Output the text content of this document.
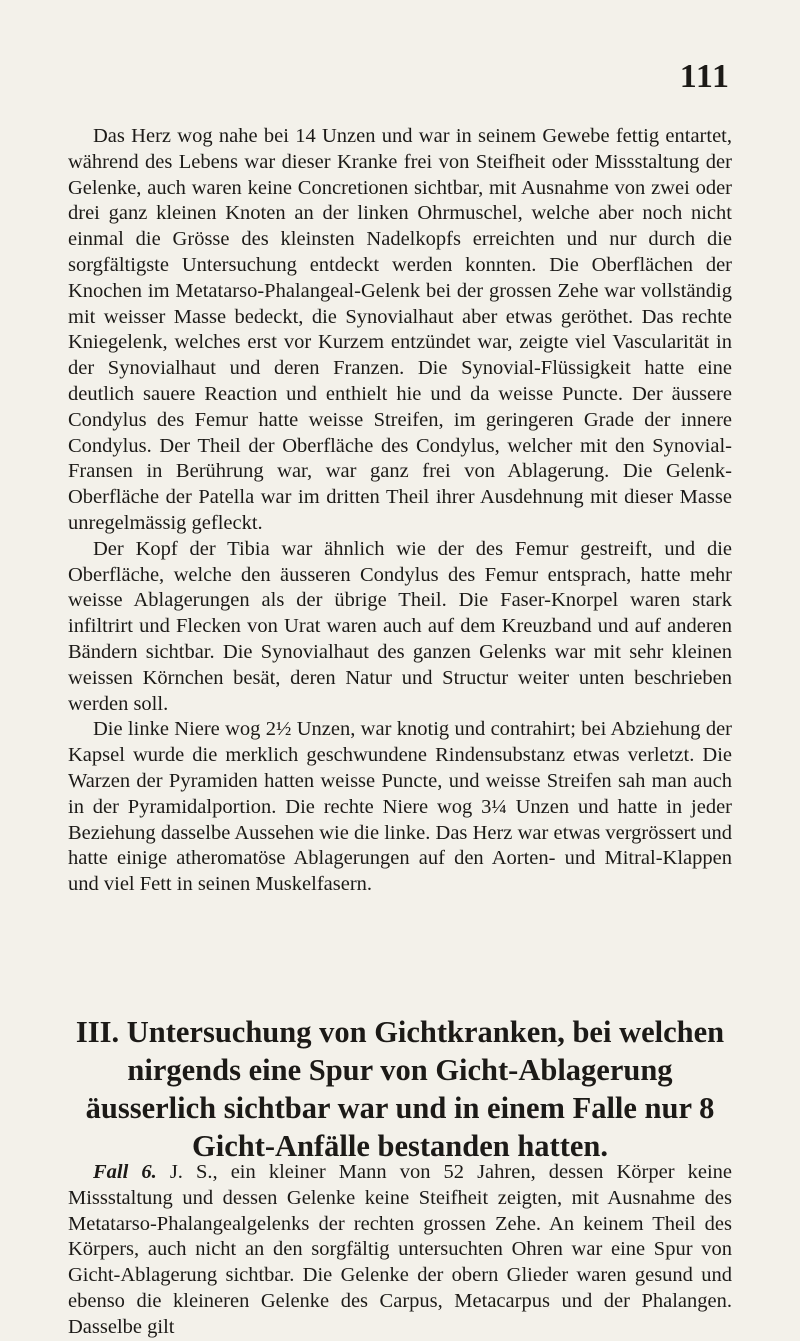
111

Das Herz wog nahe bei 14 Unzen und war in seinem Gewebe fettig entartet, während des Lebens war dieser Kranke frei von Steifheit oder Missstaltung der Gelenke, auch waren keine Concretionen sichtbar, mit Ausnahme von zwei oder drei ganz kleinen Knoten an der linken Ohrmuschel, welche aber noch nicht einmal die Grösse des kleinsten Nadelkopfs erreichten und nur durch die sorgfältigste Untersuchung entdeckt werden konnten. Die Oberflächen der Knochen im Metatarso-Phalangeal-Gelenk bei der grossen Zehe war vollständig mit weisser Masse bedeckt, die Synovialhaut aber etwas geröthet. Das rechte Kniegelenk, welches erst vor Kurzem entzündet war, zeigte viel Vascularität in der Synovialhaut und deren Franzen. Die Synovial-Flüssigkeit hatte eine deutlich sauere Reaction und enthielt hie und da weisse Puncte. Der äussere Condylus des Femur hatte weisse Streifen, im geringeren Grade der innere Condylus. Der Theil der Oberfläche des Condylus, welcher mit den Synovial-Fransen in Berührung war, war ganz frei von Ablagerung. Die Gelenk-Oberfläche der Patella war im dritten Theil ihrer Ausdehnung mit dieser Masse unregelmässig gefleckt.

Der Kopf der Tibia war ähnlich wie der des Femur gestreift, und die Oberfläche, welche den äusseren Condylus des Femur entsprach, hatte mehr weisse Ablagerungen als der übrige Theil. Die Faser-Knorpel waren stark infiltrirt und Flecken von Urat waren auch auf dem Kreuzband und auf anderen Bändern sichtbar. Die Synovialhaut des ganzen Gelenks war mit sehr kleinen weissen Körnchen besät, deren Natur und Structur weiter unten beschrieben werden soll.

Die linke Niere wog 2½ Unzen, war knotig und contrahirt; bei Abziehung der Kapsel wurde die merklich geschwundene Rindensubstanz etwas verletzt. Die Warzen der Pyramiden hatten weisse Puncte, und weisse Streifen sah man auch in der Pyramidalportion. Die rechte Niere wog 3¼ Unzen und hatte in jeder Beziehung dasselbe Aussehen wie die linke. Das Herz war etwas vergrössert und hatte einige atheromatöse Ablagerungen auf den Aorten- und Mitral-Klappen und viel Fett in seinen Muskelfasern.

III. Untersuchung von Gichtkranken, bei welchen nirgends eine Spur von Gicht-Ablagerung äusserlich sichtbar war und in einem Falle nur 8 Gicht-Anfälle bestanden hatten.

Fall 6. J. S., ein kleiner Mann von 52 Jahren, dessen Körper keine Missstaltung und dessen Gelenke keine Steifheit zeigten, mit Ausnahme des Metatarso-Phalangealgelenks der rechten grossen Zehe. An keinem Theil des Körpers, auch nicht an den sorgfältig untersuchten Ohren war eine Spur von Gicht-Ablagerung sichtbar. Die Gelenke der obern Glieder waren gesund und ebenso die kleineren Gelenke des Carpus, Metacarpus und der Phalangen. Dasselbe gilt
